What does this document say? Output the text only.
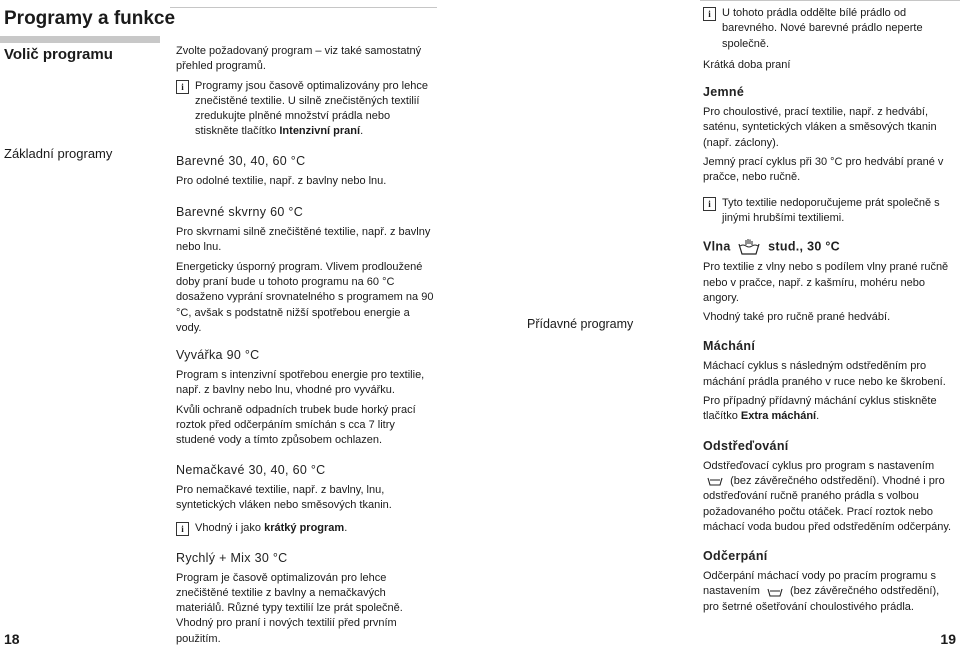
Programy a funkce
Volič programu
Základní programy

Zvolte požadovaný program – viz také samostatný přehled programů.

i	Programy jsou časově optimalizovány pro lehce znečistěné textilie. U silně znečistěných textilií zredukujte plněné množství prádla nebo stiskněte tlačítko Intenzivní praní.

Barevné 30, 40, 60 °C

Pro odolné textilie, např. z bavlny nebo lnu.

Barevné skvrny 60 °C

Pro skvrnami silně znečištěné textilie, např. z bavlny nebo lnu.

Energeticky úsporný program. Vlivem prodloužené doby praní bude u tohoto programu na 60 °C dosaženo vyprání srovnatelného s programem na 90 °C, avšak s podstatně nižší spotřebou energie a vody.

Vyvářka 90 °C

Program s intenzivní spotřebou energie pro textilie, např. z bavlny nebo lnu, vhodné pro vyvářku.

Kvůli ochraně odpadních trubek bude horký prací roztok před odčerpáním smíchán s cca 7 litry studené vody a tímto způsobem ochlazen.

Nemačkavé 30, 40, 60 °C

Pro nemačkavé textilie, např. z bavlny, lnu, syntetických vláken nebo směsových tkanin.

i	Vhodný i jako krátký program.

Rychlý + Mix 30 °C

Program je časově optimalizován pro lehce znečištěné textilie z bavlny a nemačkavých materiálů. Různé typy textilií lze prát společně. Vhodný pro praní i nových textilií před prvním použitím.

18
Přídavné programy
i	U tohoto prádla oddělte bílé prádlo od barevného. Nové barevné prádlo neperte společně.

Krátká doba praní

Jemné

Pro choulostivé, prací textilie, např. z hedvábí, saténu, syntetických vláken a směsových tkanin (např. záclony).

Jemný prací cyklus při 30 °C pro hedvábí prané v pračce, nebo ručně.

i	Tyto textilie nedoporučujeme prát společně s jinými hrubšími textiliemi.

Vlna	stud., 30 °C

Pro textilie z vlny nebo s podílem vlny prané ručně nebo v pračce, např. z kašmíru, mohéru nebo angory.

Vhodný také pro ručně prané hedvábí.

Máchání

Máchací cyklus s následným odstředěním pro máchání prádla praného v ruce nebo ke škrobení.

Pro případný přídavný máchání cyklus stiskněte tlačítko Extra máchání.

Odstřeďování

Odstřeďovací cyklus pro program s nastavením  (bez závěrečného odstředění). Vhodné i pro odstřeďování ručně praného prádla s volbou požadovaného počtu otáček. Prací roztok nebo máchací voda budou před odstředěním odčerpány.

Odčerpání

Odčerpání máchací vody po pracím programu s nastavením	(bez závěrečného odstředění), pro šetrné ošetřování choulostivého prádla.

19
